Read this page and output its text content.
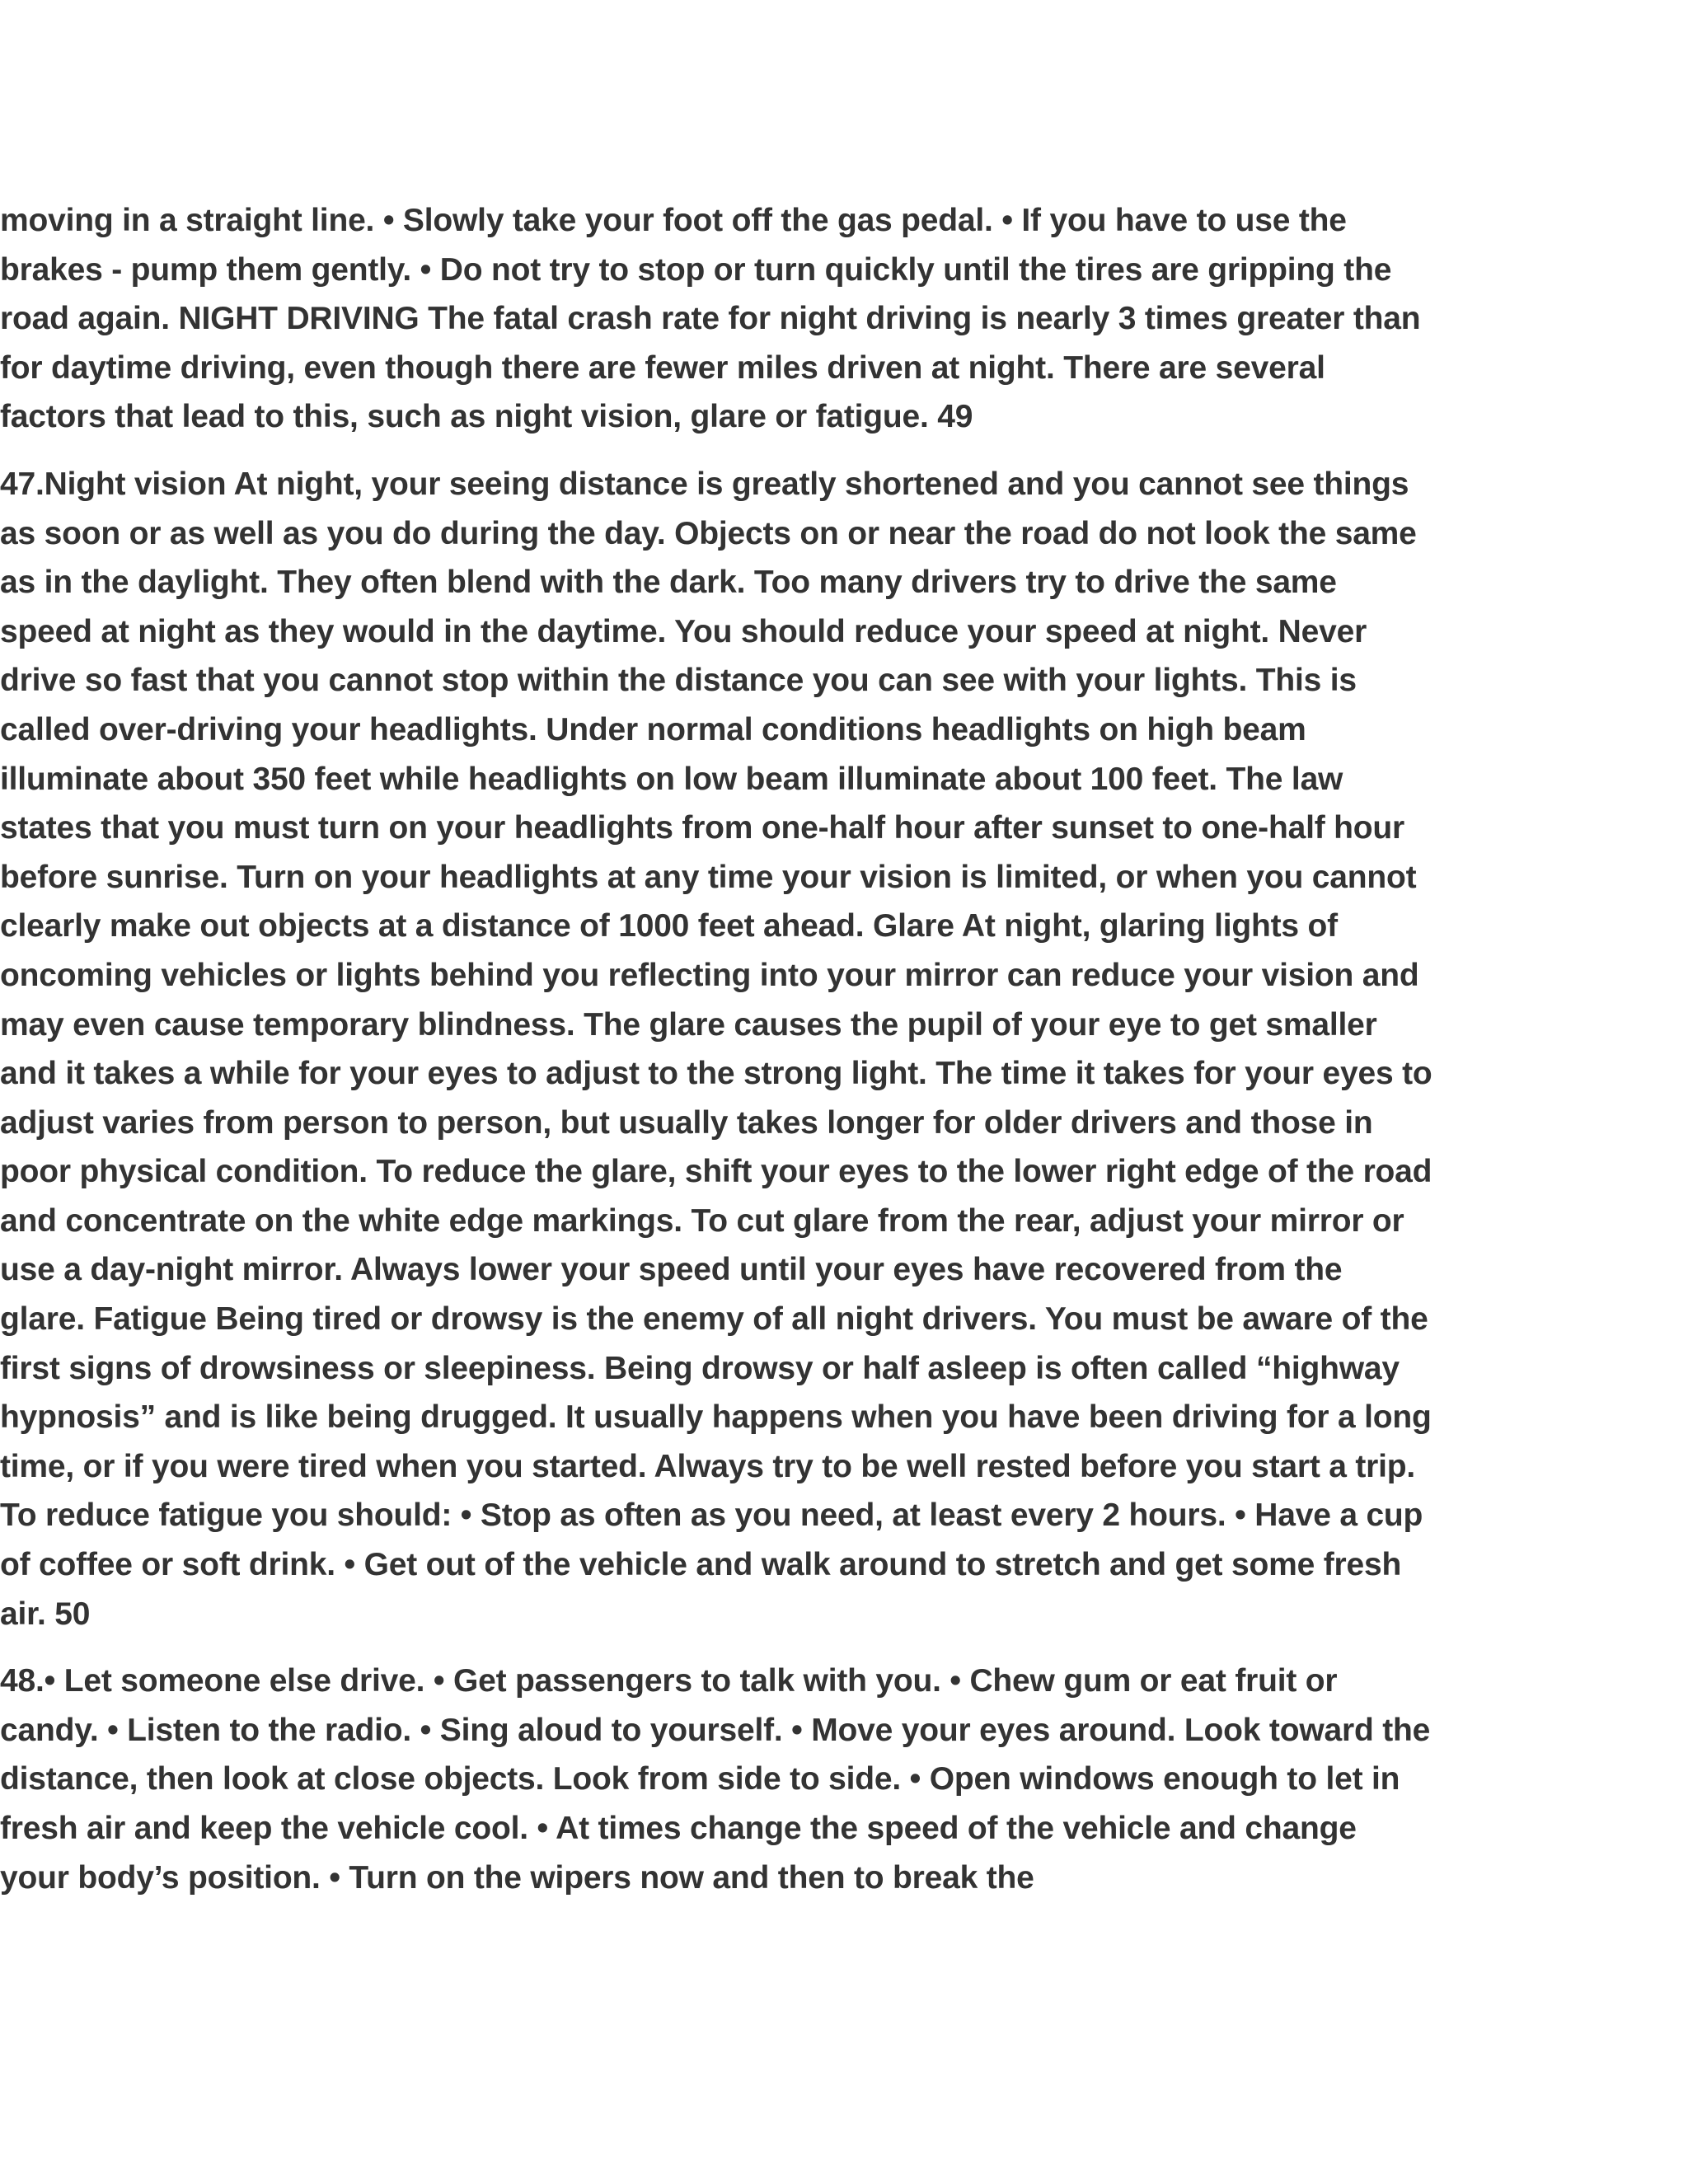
moving in a straight line. • Slowly take your foot off the gas pedal. • If you have to use the brakes - pump them gently. • Do not try to stop or turn quickly until the tires are gripping the road again. NIGHT DRIVING The fatal crash rate for night driving is nearly 3 times greater than for daytime driving, even though there are fewer miles driven at night. There are several factors that lead to this, such as night vision, glare or fatigue. 49

47.Night vision At night, your seeing distance is greatly shortened and you cannot see things as soon or as well as you do during the day. Objects on or near the road do not look the same as in the daylight. They often blend with the dark. Too many drivers try to drive the same speed at night as they would in the daytime. You should reduce your speed at night. Never drive so fast that you cannot stop within the distance you can see with your lights. This is called over-driving your headlights. Under normal conditions headlights on high beam illuminate about 350 feet while headlights on low beam illuminate about 100 feet. The law states that you must turn on your headlights from one-half hour after sunset to one-half hour before sunrise. Turn on your headlights at any time your vision is limited, or when you cannot clearly make out objects at a distance of 1000 feet ahead. Glare At night, glaring lights of oncoming vehicles or lights behind you reflecting into your mirror can reduce your vision and may even cause temporary blindness. The glare causes the pupil of your eye to get smaller and it takes a while for your eyes to adjust to the strong light. The time it takes for your eyes to adjust varies from person to person, but usually takes longer for older drivers and those in poor physical condition. To reduce the glare, shift your eyes to the lower right edge of the road and concentrate on the white edge markings. To cut glare from the rear, adjust your mirror or use a day-night mirror. Always lower your speed until your eyes have recovered from the glare. Fatigue Being tired or drowsy is the enemy of all night drivers. You must be aware of the first signs of drowsiness or sleepiness. Being drowsy or half asleep is often called “highway hypnosis” and is like being drugged. It usually happens when you have been driving for a long time, or if you were tired when you started. Always try to be well rested before you start a trip. To reduce fatigue you should: • Stop as often as you need, at least every 2 hours. • Have a cup of coffee or soft drink. • Get out of the vehicle and walk around to stretch and get some fresh air. 50

48.• Let someone else drive. • Get passengers to talk with you. • Chew gum or eat fruit or candy. • Listen to the radio. • Sing aloud to yourself. • Move your eyes around. Look toward the distance, then look at close objects. Look from side to side. • Open windows enough to let in fresh air and keep the vehicle cool. • At times change the speed of the vehicle and change your body’s position. • Turn on the wipers now and then to break the
